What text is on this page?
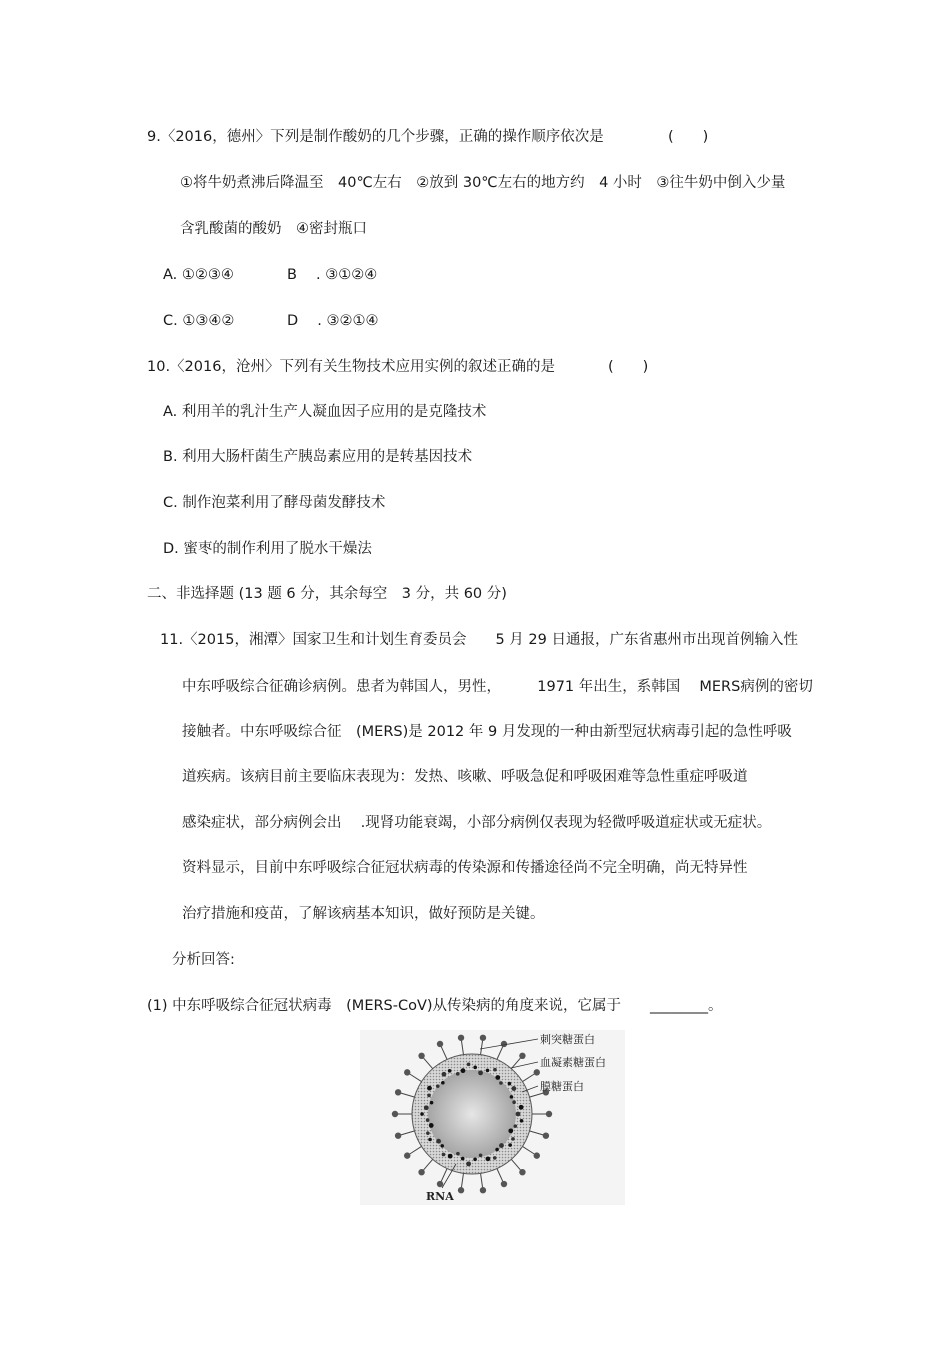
9.〈2016，德州〉下列是制作酸奶的几个步骤，正确的操作顺序依次是	(　　)
①将牛奶煮沸后降温至　40℃左右　②放到 30℃左右的地方约　4 小时　③往牛奶中倒入少量
含乳酸菌的酸奶　④密封瓶口
A. ①②③④	B　 . ③①②④
C. ①③④②	D　 . ③②①④
10.〈2016，沧州〉下列有关生物技术应用实例的叙述正确的是	(　　)
A. 利用羊的乳汁生产人凝血因子应用的是克隆技术
B. 利用大肠杆菌生产胰岛素应用的是转基因技术
C. 制作泡菜利用了酵母菌发酵技术
D. 蜜枣的制作利用了脱水干燥法
二、非选择题 (13 题 6 分，其余每空　3 分，共 60 分)
11.〈2015，湘潭〉国家卫生和计划生育委员会　　5 月 29 日通报，广东省惠州市出现首例输入性
中东呼吸综合征确诊病例。患者为韩国人，男性，　　　1971 年出生，系韩国　 MERS病例的密切
接触者。中东呼吸综合征　(MERS)是 2012 年 9 月发现的一种由新型冠状病毒引起的急性呼吸
道疾病。该病目前主要临床表现为：发热、咳嗽、呼吸急促和呼吸困难等急性重症呼吸道
感染症状，部分病例会出　 .现肾功能衰竭，小部分病例仅表现为轻微呼吸道症状或无症状。
资料显示，目前中东呼吸综合征冠状病毒的传染源和传播途径尚不完全明确，尚无特异性
治疗措施和疫苗，了解该病基本知识，做好预防是关键。
分析回答:
(1) 中东呼吸综合征冠状病毒　(MERS-CoV)从传染病的角度来说，它属于　　________。
刺突糖蛋白
血凝素糖蛋白
膜糖蛋白
RNA
